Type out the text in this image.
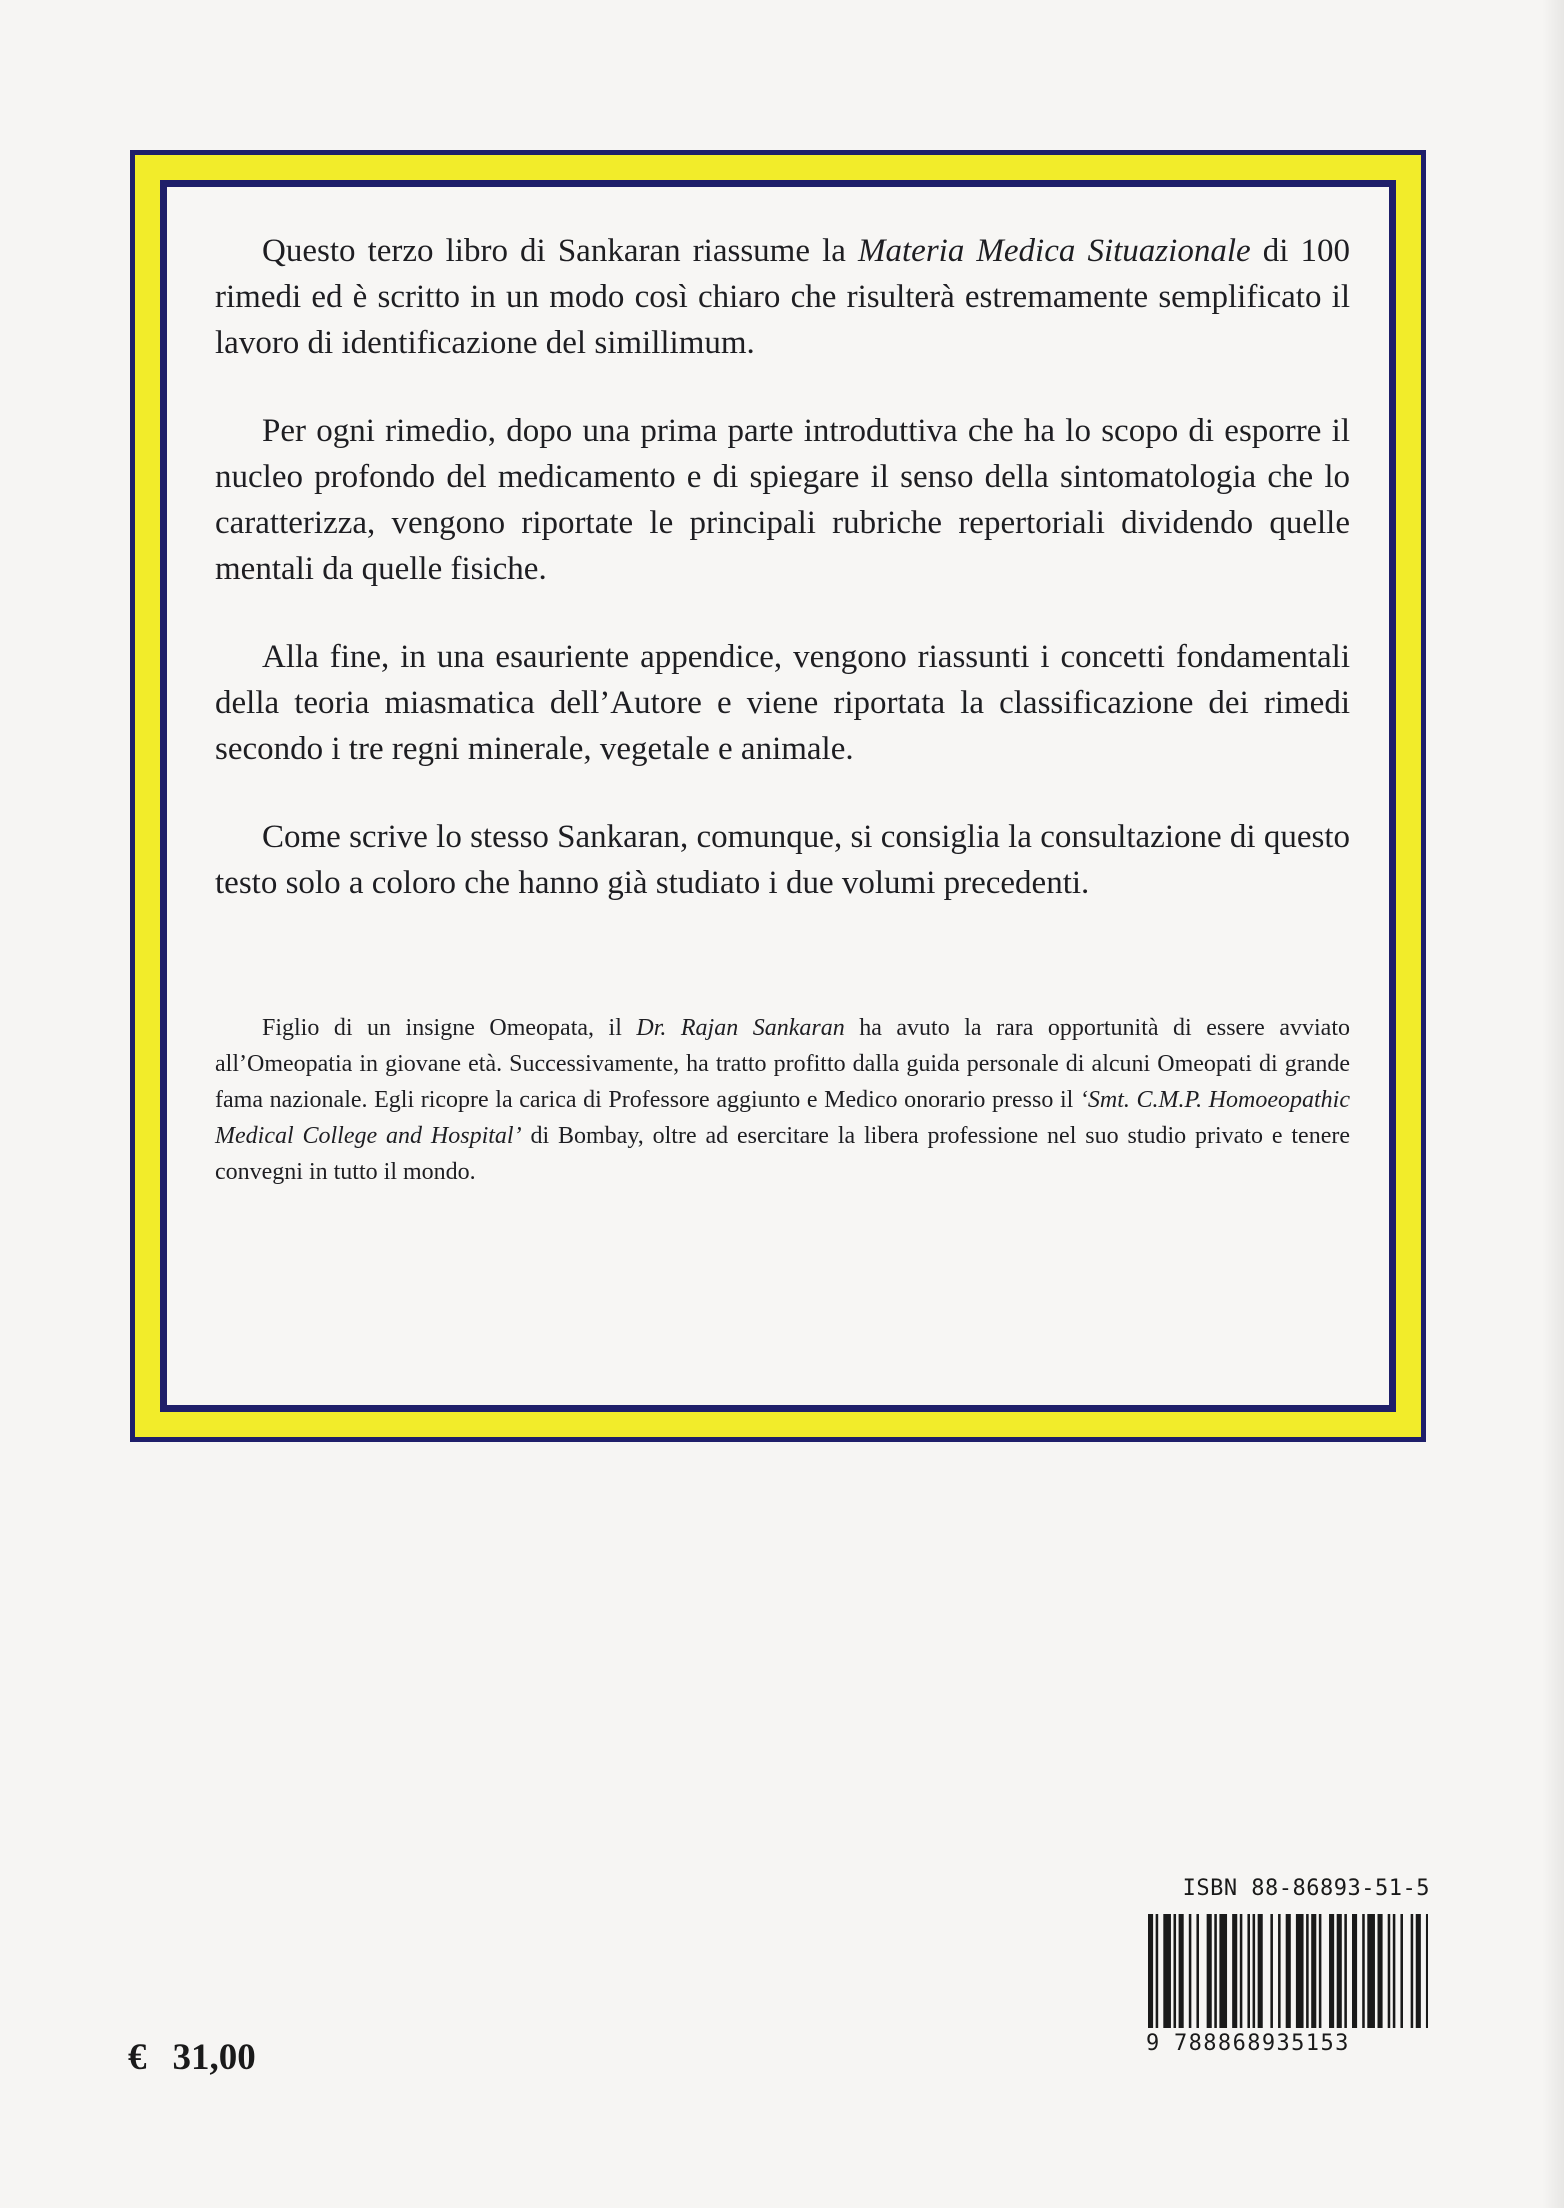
Questo terzo libro di Sankaran riassume la Materia Medica Situazionale di 100 rimedi ed è scritto in un modo così chiaro che risulterà estremamente semplificato il lavoro di identificazione del simillimum.

Per ogni rimedio, dopo una prima parte introduttiva che ha lo scopo di esporre il nucleo profondo del medicamento e di spiegare il senso della sintomatologia che lo caratterizza, vengono riportate le principali rubriche repertoriali dividendo quelle mentali da quelle fisiche.

Alla fine, in una esauriente appendice, vengono riassunti i concetti fondamentali della teoria miasmatica dell’Autore e viene riportata la classificazione dei rimedi secondo i tre regni minerale, vegetale e animale.

Come scrive lo stesso Sankaran, comunque, si consiglia la consultazione di questo testo solo a coloro che hanno già studiato i due volumi precedenti.

Figlio di un insigne Omeopata, il Dr. Rajan Sankaran ha avuto la rara opportunità di essere avviato all’Omeopatia in giovane età. Successivamente, ha tratto profitto dalla guida personale di alcuni Omeopati di grande fama nazionale. Egli ricopre la carica di Professore aggiunto e Medico onorario presso il ‘Smt. C.M.P. Homoeopathic Medical College and Hospital’ di Bombay, oltre ad esercitare la libera professione nel suo studio privato e tenere convegni in tutto il mondo.

ISBN 88-86893-51-5
9 788868935153
€ 31,00
